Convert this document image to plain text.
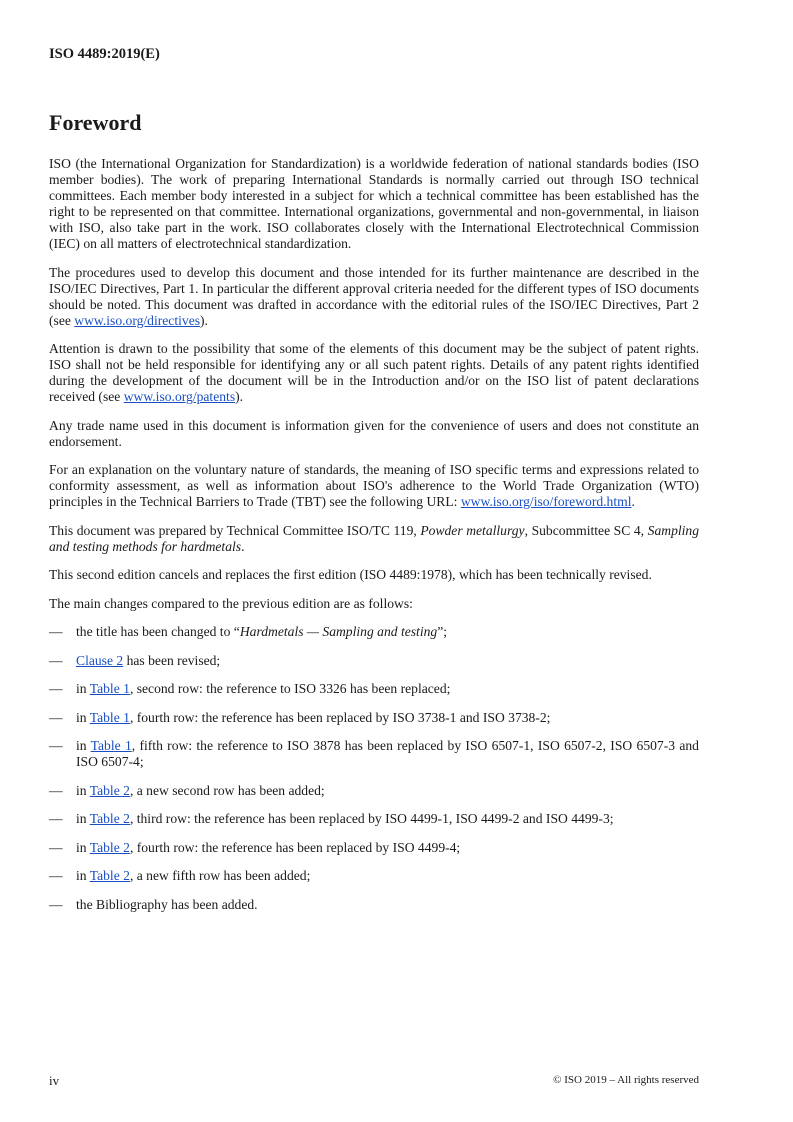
ISO 4489:2019(E)
Foreword

ISO (the International Organization for Standardization) is a worldwide federation of national standards bodies (ISO member bodies). The work of preparing International Standards is normally carried out through ISO technical committees. Each member body interested in a subject for which a technical committee has been established has the right to be represented on that committee. International organizations, governmental and non-governmental, in liaison with ISO, also take part in the work. ISO collaborates closely with the International Electrotechnical Commission (IEC) on all matters of electrotechnical standardization.

The procedures used to develop this document and those intended for its further maintenance are described in the ISO/IEC Directives, Part 1. In particular the different approval criteria needed for the different types of ISO documents should be noted. This document was drafted in accordance with the editorial rules of the ISO/IEC Directives, Part 2 (see www.iso.org/directives).

Attention is drawn to the possibility that some of the elements of this document may be the subject of patent rights. ISO shall not be held responsible for identifying any or all such patent rights. Details of any patent rights identified during the development of the document will be in the Introduction and/or on the ISO list of patent declarations received (see www.iso.org/patents).

Any trade name used in this document is information given for the convenience of users and does not constitute an endorsement.

For an explanation on the voluntary nature of standards, the meaning of ISO specific terms and expressions related to conformity assessment, as well as information about ISO's adherence to the World Trade Organization (WTO) principles in the Technical Barriers to Trade (TBT) see the following URL: www.iso.org/iso/foreword.html.

This document was prepared by Technical Committee ISO/TC 119, Powder metallurgy, Subcommittee SC 4, Sampling and testing methods for hardmetals.

This second edition cancels and replaces the first edition (ISO 4489:1978), which has been technically revised.

The main changes compared to the previous edition are as follows:

— the title has been changed to “Hardmetals — Sampling and testing”;
— Clause 2 has been revised;
— in Table 1, second row: the reference to ISO 3326 has been replaced;
— in Table 1, fourth row: the reference has been replaced by ISO 3738-1 and ISO 3738-2;
— in Table 1, fifth row: the reference to ISO 3878 has been replaced by ISO 6507-1, ISO 6507-2, ISO 6507-3 and ISO 6507-4;
— in Table 2, a new second row has been added;
— in Table 2, third row: the reference has been replaced by ISO 4499-1, ISO 4499-2 and ISO 4499-3;
— in Table 2, fourth row: the reference has been replaced by ISO 4499-4;
— in Table 2, a new fifth row has been added;
— the Bibliography has been added.
iv	© ISO 2019 – All rights reserved
